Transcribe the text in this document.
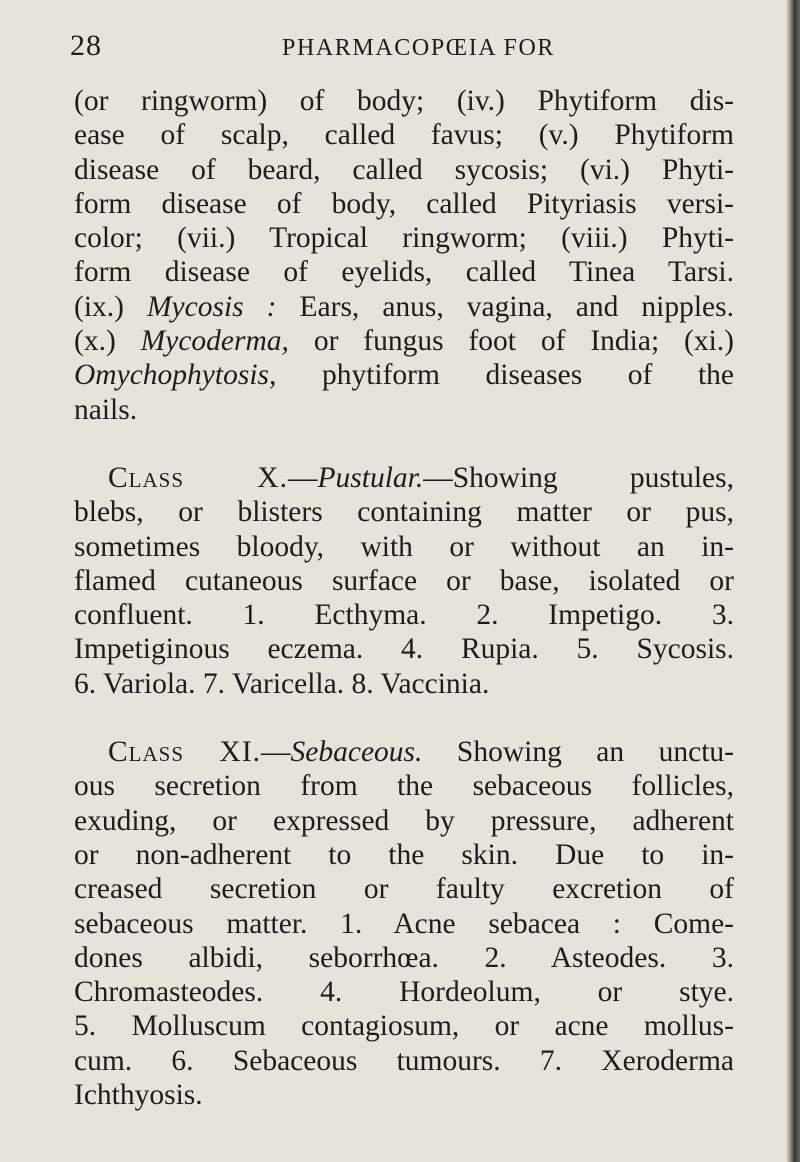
28	PHARMACOPŒIA FOR
(or ringworm) of body; (iv.) Phytiform dis-
ease of scalp, called favus; (v.) Phytiform
disease of beard, called sycosis; (vi.) Phyti-
form disease of body, called Pityriasis versi-
color; (vii.) Tropical ringworm; (viii.) Phyti-
form disease of eyelids, called Tinea Tarsi.
(ix.) Mycosis : Ears, anus, vagina, and nipples.
(x.) Mycoderma, or fungus foot of India; (xi.)
Omychophytosis, phytiform diseases of the
nails.
Class X.—Pustular.—Showing pustules,
blebs, or blisters containing matter or pus,
sometimes bloody, with or without an in-
flamed cutaneous surface or base, isolated or
confluent. 1. Ecthyma. 2. Impetigo. 3.
Impetiginous eczema. 4. Rupia. 5. Sycosis.
6. Variola. 7. Varicella. 8. Vaccinia.
Class XI.—Sebaceous. Showing an unctu-
ous secretion from the sebaceous follicles,
exuding, or expressed by pressure, adherent
or non-adherent to the skin. Due to in-
creased secretion or faulty excretion of
sebaceous matter. 1. Acne sebacea : Come-
dones albidi, seborrhœa. 2. Asteodes. 3.
Chromasteodes. 4. Hordeolum, or stye.
5. Molluscum contagiosum, or acne mollus-
cum. 6. Sebaceous tumours. 7. Xeroderma
Ichthyosis.
